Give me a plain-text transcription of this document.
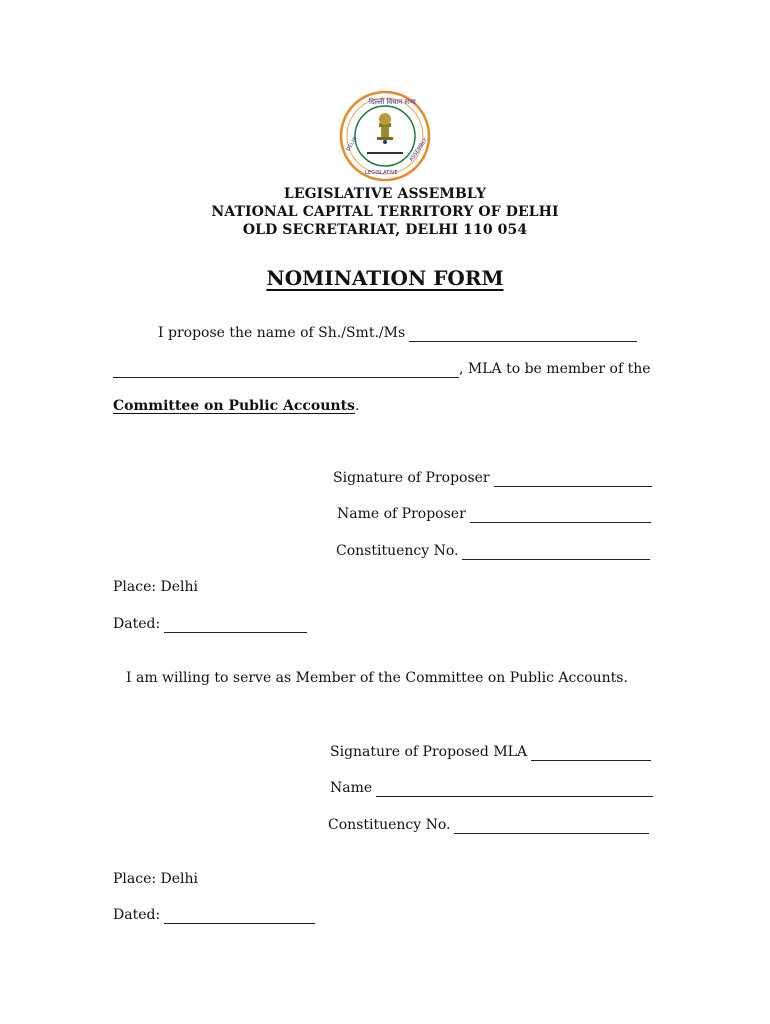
दिल्ली विधान सभा
DELHI
LEGISLATIVE
ASSEMBLY
LEGISLATIVE ASSEMBLY
NATIONAL CAPITAL TERRITORY OF DELHI
OLD SECRETARIAT, DELHI 110 054
NOMINATION FORM
I propose the name of Sh./Smt./Ms
, MLA to be member of the
Committee on Public Accounts .
Signature of Proposer
Name of Proposer
Constituency No.
Place: Delhi
Dated:
I am willing to serve as Member of the Committee on Public Accounts.
Signature of Proposed MLA
Name
Constituency No.
Place: Delhi
Dated:
